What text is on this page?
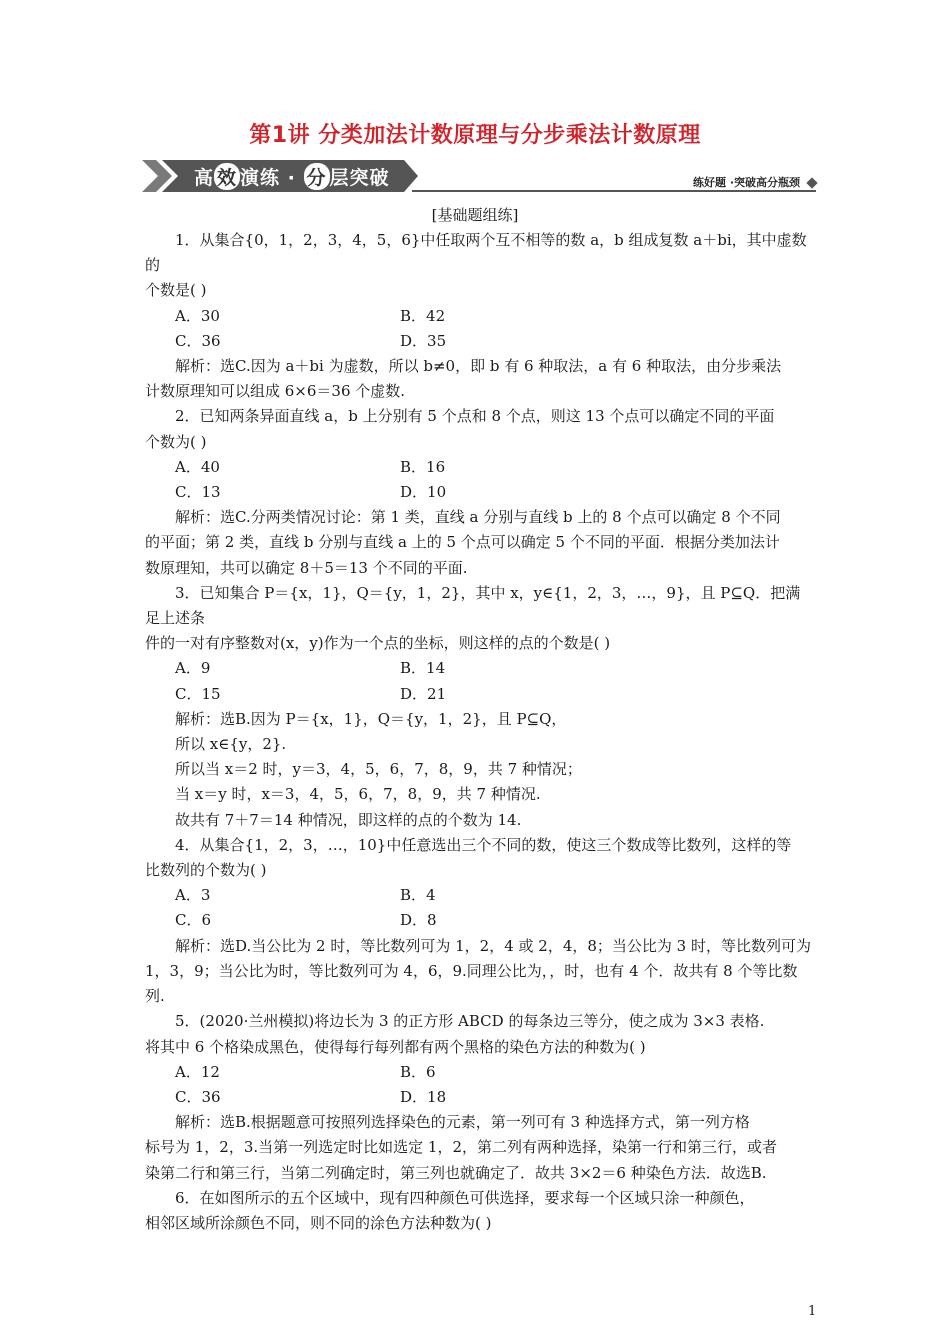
第1讲 分类加法计数原理与分步乘法计数原理
高 效 演练 · 分 层突破	练好题 ·突破高分瓶颈
[基础题组练]

1．从集合{0，1，2，3，4，5，6}中任取两个互不相等的数 a，b 组成复数 a＋bi，其中虚数的

个数是( )

A．30	B．42

C．36	D．35

解析：选C.因为 a＋bi 为虚数，所以 b≠0，即 b 有 6 种取法，a 有 6 种取法，由分步乘法

计数原理知可以组成 6×6＝36 个虚数.

2．已知两条异面直线 a，b 上分别有 5 个点和 8 个点，则这 13 个点可以确定不同的平面

个数为( )

A．40	B．16

C．13	D．10

解析：选C.分两类情况讨论：第 1 类，直线 a 分别与直线 b 上的 8 个点可以确定 8 个不同

的平面；第 2 类，直线 b 分别与直线 a 上的 5 个点可以确定 5 个不同的平面．根据分类加法计

数原理知，共可以确定 8＋5＝13 个不同的平面.

3．已知集合 P＝{x，1}，Q＝{y，1，2}，其中 x，y∈{1，2，3，…，9}，且 P⊆Q．把满足上述条

件的一对有序整数对(x，y)作为一个点的坐标，则这样的点的个数是( )

A．9	B．14

C．15	D．21

解析：选B.因为 P＝{x，1}，Q＝{y，1，2}，且 P⊆Q，

所以 x∈{y，2}.

所以当 x＝2 时，y＝3，4，5，6，7，8，9，共 7 种情况；

当 x＝y 时，x＝3，4，5，6，7，8，9，共 7 种情况.

故共有 7＋7＝14 种情况，即这样的点的个数为 14.

4．从集合{1，2，3，…，10}中任意选出三个不同的数，使这三个数成等比数列，这样的等

比数列的个数为( )

A．3	B．4

C．6	D．8

解析：选D.当公比为 2 时，等比数列可为 1，2，4 或 2，4，8；当公比为 3 时，等比数列可为

1，3，9；当公比为时，等比数列可为 4，6，9.同理公比为，，时，也有 4 个．故共有 8 个等比数列.

5．(2020·兰州模拟)将边长为 3 的正方形 ABCD 的每条边三等分，使之成为 3×3 表格.

将其中 6 个格染成黑色，使得每行每列都有两个黑格的染色方法的种数为( )

A．12	B．6

C．36	D．18

解析：选B.根据题意可按照列选择染色的元素，第一列可有 3 种选择方式，第一列方格

标号为 1，2，3.当第一列选定时比如选定 1，2，第二列有两种选择，染第一行和第三行，或者

染第二行和第三行，当第二列确定时，第三列也就确定了．故共 3×2＝6 种染色方法．故选B.

6．在如图所示的五个区域中，现有四种颜色可供选择，要求每一个区域只涂一种颜色，

相邻区域所涂颜色不同，则不同的涂色方法种数为( )

1
